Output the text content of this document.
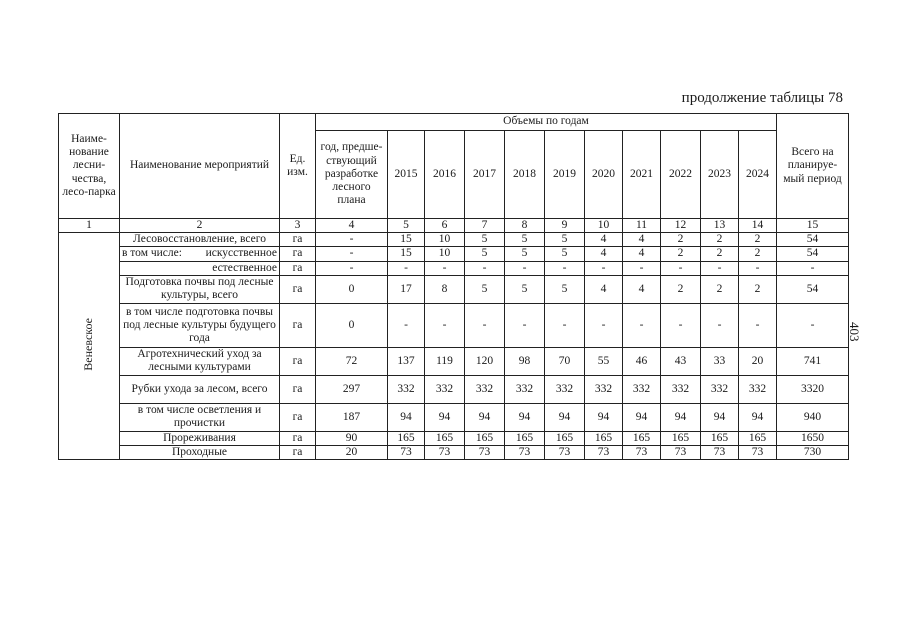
продолжение таблицы 78
403
Наиме-нование лесни-чества, лесо-парка	Наименование мероприятий	Ед. изм.	Объемы по годам											Всего на планируе-мый период
			год, предше-ствующий разработке лесного плана	2015	2016	2017	2018	2019	2020	2021	2022	2023	2024	
1	2	3	4	5	6	7	8	9	10	11	12	13	14	15
Веневское	Лесовосстановление, всего	га	-	15	10	5	5	5	4	4	2	2	2	54

	в том числе: искусственное	га	-	15	10	5	5	5	4	4	2	2	2	54
	естественное	га	-	-	-	-	-	-	-	-	-	-	-	-
	Подготовка почвы под лесные культуры, всего	га	0	17	8	5	5	5	4	4	2	2	2	54
	в том числе подготовка почвы под лесные культуры будущего года	га	0	-	-	-	-	-	-	-	-	-	-	-
	Агротехнический уход за лесными культурами	га	72	137	119	120	98	70	55	46	43	33	20	741
	Рубки ухода за лесом, всего	га	297	332	332	332	332	332	332	332	332	332	332	3320
	в том числе осветления и прочистки	га	187	94	94	94	94	94	94	94	94	94	94	940
	Прореживания	га	90	165	165	165	165	165	165	165	165	165	165	1650
	Проходные	га	20	73	73	73	73	73	73	73	73	73	73	730
